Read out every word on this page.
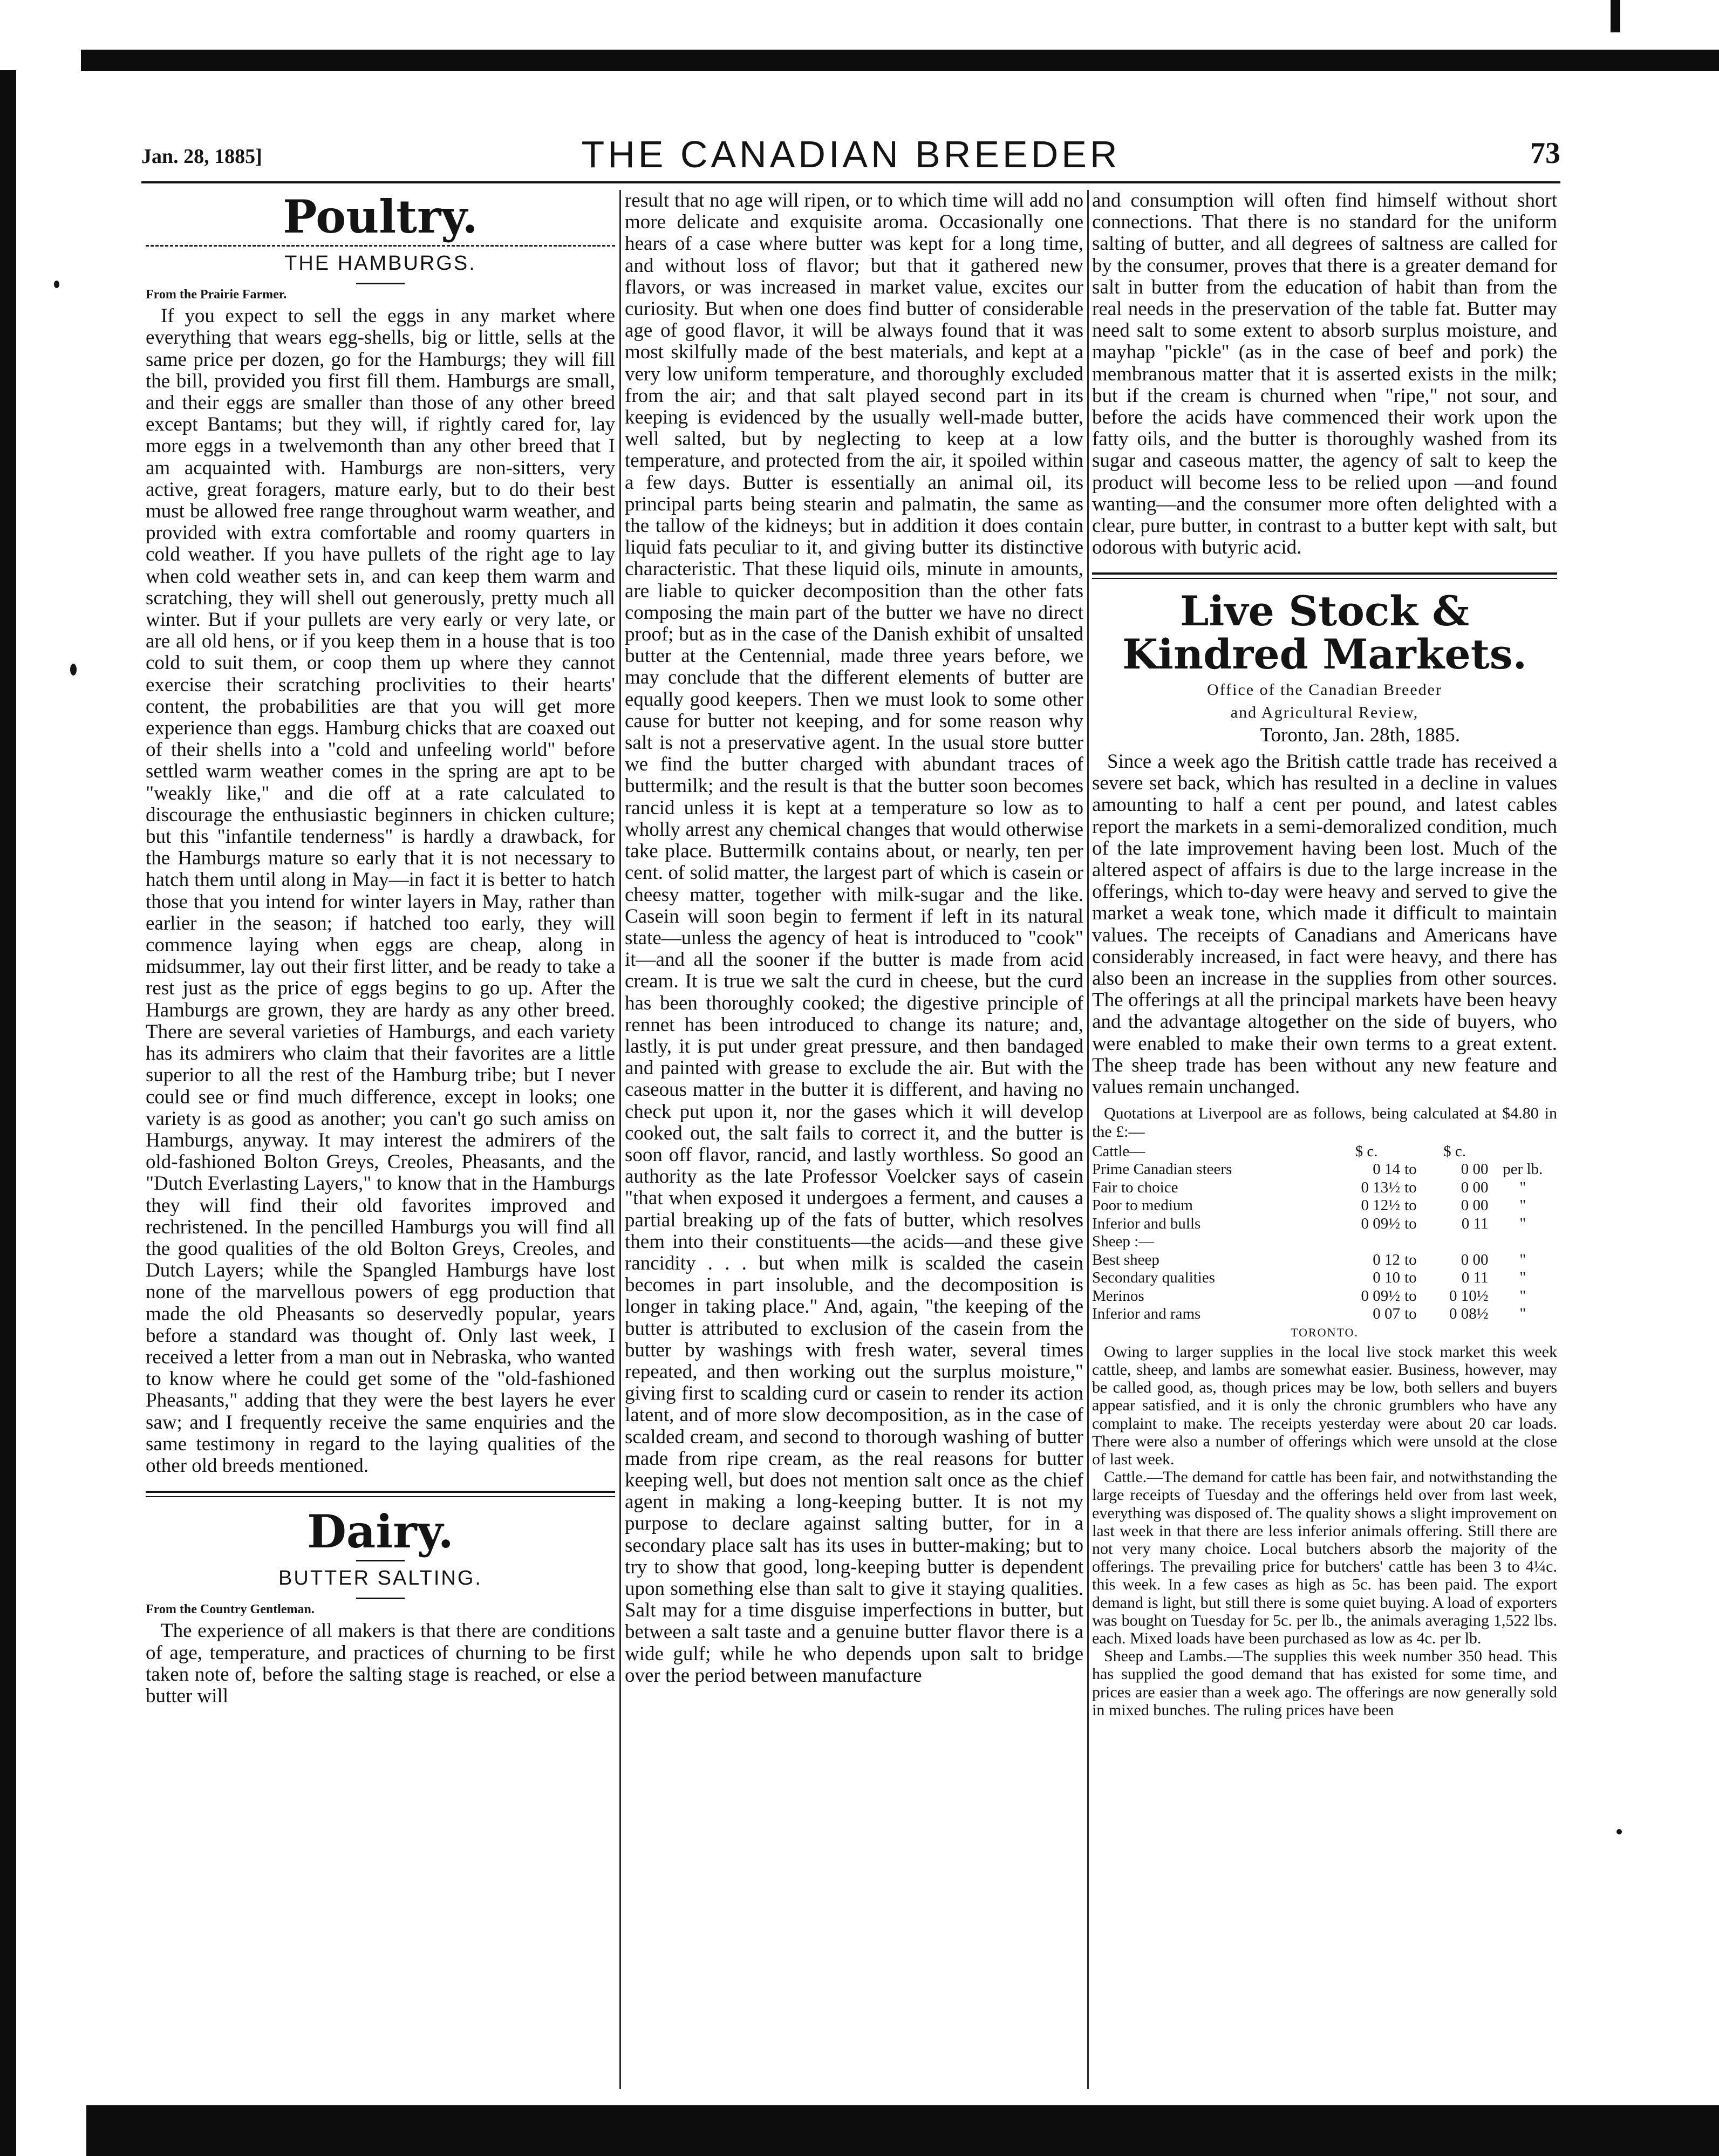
Jan. 28, 1885]	THE CANADIAN BREEDER	73
Poultry.
THE HAMBURGS.
From the Prairie Farmer.

If you expect to sell the eggs in any market where everything that wears egg-shells, big or little, sells at the same price per dozen, go for the Hamburgs; they will fill the bill, provided you first fill them. Hamburgs are small, and their eggs are smaller than those of any other breed except Bantams; but they will, if rightly cared for, lay more eggs in a twelvemonth than any other breed that I am acquainted with. Hamburgs are non-sitters, very active, great foragers, mature early, but to do their best must be allowed free range throughout warm weather, and provided with extra comfortable and roomy quarters in cold weather. If you have pullets of the right age to lay when cold weather sets in, and can keep them warm and scratching, they will shell out generously, pretty much all winter. But if your pullets are very early or very late, or are all old hens, or if you keep them in a house that is too cold to suit them, or coop them up where they cannot exercise their scratching proclivities to their hearts' content, the probabilities are that you will get more experience than eggs. Hamburg chicks that are coaxed out of their shells into a "cold and unfeeling world" before settled warm weather comes in the spring are apt to be "weakly like," and die off at a rate calculated to discourage the enthusiastic beginners in chicken culture; but this "infantile tenderness" is hardly a drawback, for the Hamburgs mature so early that it is not necessary to hatch them until along in May—in fact it is better to hatch those that you intend for winter layers in May, rather than earlier in the season; if hatched too early, they will commence laying when eggs are cheap, along in midsummer, lay out their first litter, and be ready to take a rest just as the price of eggs begins to go up. After the Hamburgs are grown, they are hardy as any other breed. There are several varieties of Hamburgs, and each variety has its admirers who claim that their favorites are a little superior to all the rest of the Hamburg tribe; but I never could see or find much difference, except in looks; one variety is as good as another; you can't go such amiss on Hamburgs, anyway. It may interest the admirers of the old-fashioned Bolton Greys, Creoles, Pheasants, and the "Dutch Everlasting Layers," to know that in the Hamburgs they will find their old favorites improved and rechristened. In the pencilled Hamburgs you will find all the good qualities of the old Bolton Greys, Creoles, and Dutch Layers; while the Spangled Hamburgs have lost none of the marvellous powers of egg production that made the old Pheasants so deservedly popular, years before a standard was thought of. Only last week, I received a letter from a man out in Nebraska, who wanted to know where he could get some of the "old-fashioned Pheasants," adding that they were the best layers he ever saw; and I frequently receive the same enquiries and the same testimony in regard to the laying qualities of the other old breeds mentioned.

Dairy.
BUTTER SALTING.
From the Country Gentleman.

The experience of all makers is that there are conditions of age, temperature, and practices of churning to be first taken note of, before the salting stage is reached, or else a butter will

result that no age will ripen, or to which time will add no more delicate and exquisite aroma. Occasionally one hears of a case where butter was kept for a long time, and without loss of flavor; but that it gathered new flavors, or was increased in market value, excites our curiosity. But when one does find butter of considerable age of good flavor, it will be always found that it was most skilfully made of the best materials, and kept at a very low uniform temperature, and thoroughly excluded from the air; and that salt played second part in its keeping is evidenced by the usually well-made butter, well salted, but by neglecting to keep at a low temperature, and protected from the air, it spoiled within a few days. Butter is essentially an animal oil, its principal parts being stearin and palmatin, the same as the tallow of the kidneys; but in addition it does contain liquid fats peculiar to it, and giving butter its distinctive characteristic. That these liquid oils, minute in amounts, are liable to quicker decomposition than the other fats composing the main part of the butter we have no direct proof; but as in the case of the Danish exhibit of unsalted butter at the Centennial, made three years before, we may conclude that the different elements of butter are equally good keepers. Then we must look to some other cause for butter not keeping, and for some reason why salt is not a preservative agent. In the usual store butter we find the butter charged with abundant traces of buttermilk; and the result is that the butter soon becomes rancid unless it is kept at a temperature so low as to wholly arrest any chemical changes that would otherwise take place. Buttermilk contains about, or nearly, ten per cent. of solid matter, the largest part of which is casein or cheesy matter, together with milk-sugar and the like. Casein will soon begin to ferment if left in its natural state—unless the agency of heat is introduced to "cook" it—and all the sooner if the butter is made from acid cream. It is true we salt the curd in cheese, but the curd has been thoroughly cooked; the digestive principle of rennet has been introduced to change its nature; and, lastly, it is put under great pressure, and then bandaged and painted with grease to exclude the air. But with the caseous matter in the butter it is different, and having no check put upon it, nor the gases which it will develop cooked out, the salt fails to correct it, and the butter is soon off flavor, rancid, and lastly worthless. So good an authority as the late Professor Voelcker says of casein "that when exposed it undergoes a ferment, and causes a partial breaking up of the fats of butter, which resolves them into their constituents—the acids—and these give rancidity . . . but when milk is scalded the casein becomes in part insoluble, and the decomposition is longer in taking place." And, again, "the keeping of the butter is attributed to exclusion of the casein from the butter by washings with fresh water, several times repeated, and then working out the surplus moisture," giving first to scalding curd or casein to render its action latent, and of more slow decomposition, as in the case of scalded cream, and second to thorough washing of butter made from ripe cream, as the real reasons for butter keeping well, but does not mention salt once as the chief agent in making a long-keeping butter. It is not my purpose to declare against salting butter, for in a secondary place salt has its uses in butter-making; but to try to show that good, long-keeping butter is dependent upon something else than salt to give it staying qualities. Salt may for a time disguise imperfections in butter, but between a salt taste and a genuine butter flavor there is a wide gulf; while he who depends upon salt to bridge over the period between manufacture

and consumption will often find himself without short connections. That there is no standard for the uniform salting of butter, and all degrees of saltness are called for by the consumer, proves that there is a greater demand for salt in butter from the education of habit than from the real needs in the preservation of the table fat. Butter may need salt to some extent to absorb surplus moisture, and mayhap "pickle" (as in the case of beef and pork) the membranous matter that it is asserted exists in the milk; but if the cream is churned when "ripe," not sour, and before the acids have commenced their work upon the fatty oils, and the butter is thoroughly washed from its sugar and caseous matter, the agency of salt to keep the product will become less to be relied upon —and found wanting—and the consumer more often delighted with a clear, pure butter, in contrast to a butter kept with salt, but odorous with butyric acid.

Live Stock & Kindred Markets.
Office of the Canadian Breeder
and Agricultural Review,
Toronto, Jan. 28th, 1885.

Since a week ago the British cattle trade has received a severe set back, which has resulted in a decline in values amounting to half a cent per pound, and latest cables report the markets in a semi-demoralized condition, much of the late improvement having been lost. Much of the altered aspect of affairs is due to the large increase in the offerings, which to-day were heavy and served to give the market a weak tone, which made it difficult to maintain values. The receipts of Canadians and Americans have considerably increased, in fact were heavy, and there has also been an increase in the supplies from other sources. The offerings at all the principal markets have been heavy and the advantage altogether on the side of buyers, who were enabled to make their own terms to a great extent. The sheep trade has been without any new feature and values remain unchanged.

Quotations at Liverpool are as follows, being calculated at $4.80 in the £:—

Cattle—	$ c.		$ c.	
Prime Canadian steers	0 14	to	0 00	per lb.
Fair to choice	0 13½	to	0 00	"
Poor to medium	0 12½	to	0 00	"
Inferior and bulls	0 09½	to	0 11	"
Sheep :—				
Best sheep	0 12	to	0 00	"
Secondary qualities	0 10	to	0 11	"
Merinos	0 09½	to	0 10½	"
Inferior and rams	0 07	to	0 08½	"
TORONTO.

Owing to larger supplies in the local live stock market this week cattle, sheep, and lambs are somewhat easier. Business, however, may be called good, as, though prices may be low, both sellers and buyers appear satisfied, and it is only the chronic grumblers who have any complaint to make. The receipts yesterday were about 20 car loads. There were also a number of offerings which were unsold at the close of last week.

Cattle.—The demand for cattle has been fair, and notwithstanding the large receipts of Tuesday and the offerings held over from last week, everything was disposed of. The quality shows a slight improvement on last week in that there are less inferior animals offering. Still there are not very many choice. Local butchers absorb the majority of the offerings. The prevailing price for butchers' cattle has been 3 to 4¼c. this week. In a few cases as high as 5c. has been paid. The export demand is light, but still there is some quiet buying. A load of exporters was bought on Tuesday for 5c. per lb., the animals averaging 1,522 lbs. each. Mixed loads have been purchased as low as 4c. per lb.

Sheep and Lambs.—The supplies this week number 350 head. This has supplied the good demand that has existed for some time, and prices are easier than a week ago. The offerings are now generally sold in mixed bunches. The ruling prices have been
